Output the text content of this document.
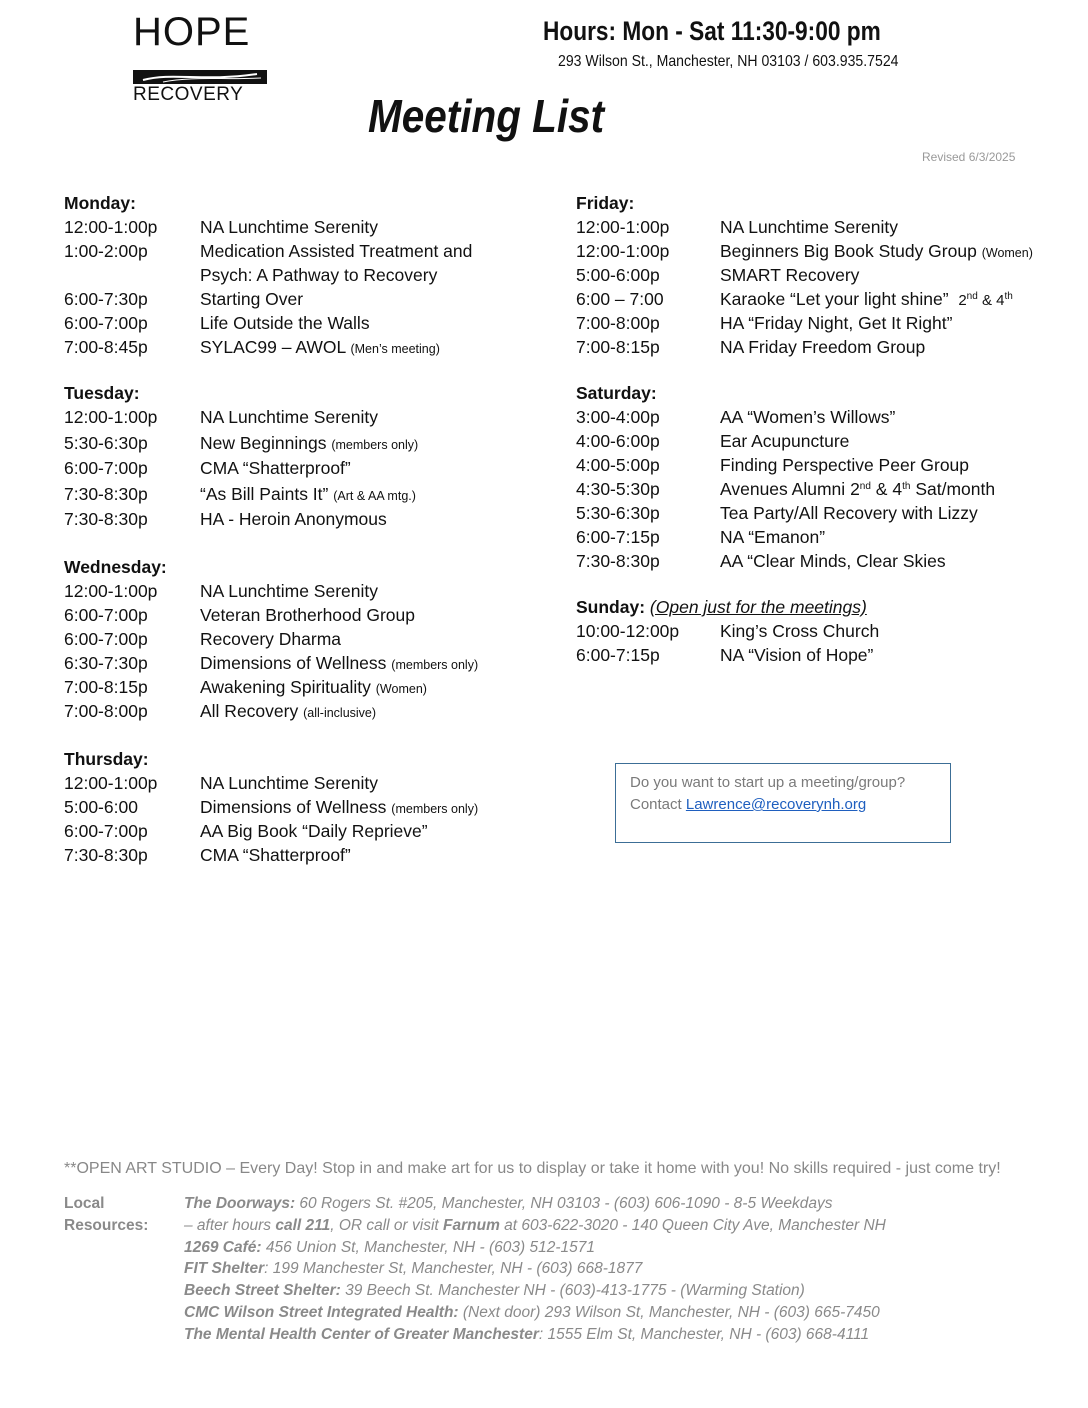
HOPE
RECOVERY
Hours: Mon - Sat 11:30-9:00 pm
293 Wilson St., Manchester, NH 03103 / 603.935.7524
Meeting List
Revised 6/3/2025
Monday:
12:00-1:00p	NA Lunchtime Serenity
1:00-2:00p	Medication Assisted Treatment and
Psych: A Pathway to Recovery
6:00-7:30p	Starting Over
6:00-7:00p	Life Outside the Walls
7:00-8:45p	SYLAC99 – AWOL (Men’s meeting)
Tuesday:
12:00-1:00p	NA Lunchtime Serenity
5:30-6:30p	New Beginnings (members only)
6:00-7:00p	CMA “Shatterproof”
7:30-8:30p	“As Bill Paints It” (Art & AA mtg.)
7:30-8:30p	HA - Heroin Anonymous
Wednesday:
12:00-1:00p	NA Lunchtime Serenity
6:00-7:00p	Veteran Brotherhood Group
6:00-7:00p	Recovery Dharma
6:30-7:30p	Dimensions of Wellness (members only)
7:00-8:15p	Awakening Spirituality (Women)
7:00-8:00p	All Recovery (all-inclusive)
Thursday:
12:00-1:00p	NA Lunchtime Serenity
5:00-6:00	Dimensions of Wellness (members only)
6:00-7:00p	AA Big Book “Daily Reprieve”
7:30-8:30p	CMA “Shatterproof”
Friday:
12:00-1:00p	NA Lunchtime Serenity
12:00-1:00p	Beginners Big Book Study Group (Women)
5:00-6:00p	SMART Recovery
6:00 – 7:00	Karaoke “Let your light shine” 2nd & 4th
7:00-8:00p	HA “Friday Night, Get It Right”
7:00-8:15p	NA Friday Freedom Group
Saturday:
3:00-4:00p	AA “Women’s Willows”
4:00-6:00p	Ear Acupuncture
4:00-5:00p	Finding Perspective Peer Group
4:30-5:30p	Avenues Alumni 2nd & 4th Sat/month
5:30-6:30p	Tea Party/All Recovery with Lizzy
6:00-7:15p	NA “Emanon”
7:30-8:30p	AA “Clear Minds, Clear Skies
Sunday: (Open just for the meetings)
10:00-12:00p	King’s Cross Church
6:00-7:15p	NA “Vision of Hope”
Do you want to start up a meeting/group?
Contact Lawrence@recoverynh.org
**OPEN ART STUDIO – Every Day! Stop in and make art for us to display or take it home with you! No skills required - just come try!
Local
Resources:
The Doorways: 60 Rogers St. #205, Manchester, NH 03103 - (603) 606-1090 - 8-5 Weekdays
– after hours call 211, OR call or visit Farnum at 603-622-3020 - 140 Queen City Ave, Manchester NH
1269 Café: 456 Union St, Manchester, NH - (603) 512-1571
FIT Shelter: 199 Manchester St, Manchester, NH - (603) 668-1877
Beech Street Shelter: 39 Beech St. Manchester NH - (603)-413-1775 - (Warming Station)
CMC Wilson Street Integrated Health: (Next door) 293 Wilson St, Manchester, NH - (603) 665-7450
The Mental Health Center of Greater Manchester: 1555 Elm St, Manchester, NH - (603) 668-4111
